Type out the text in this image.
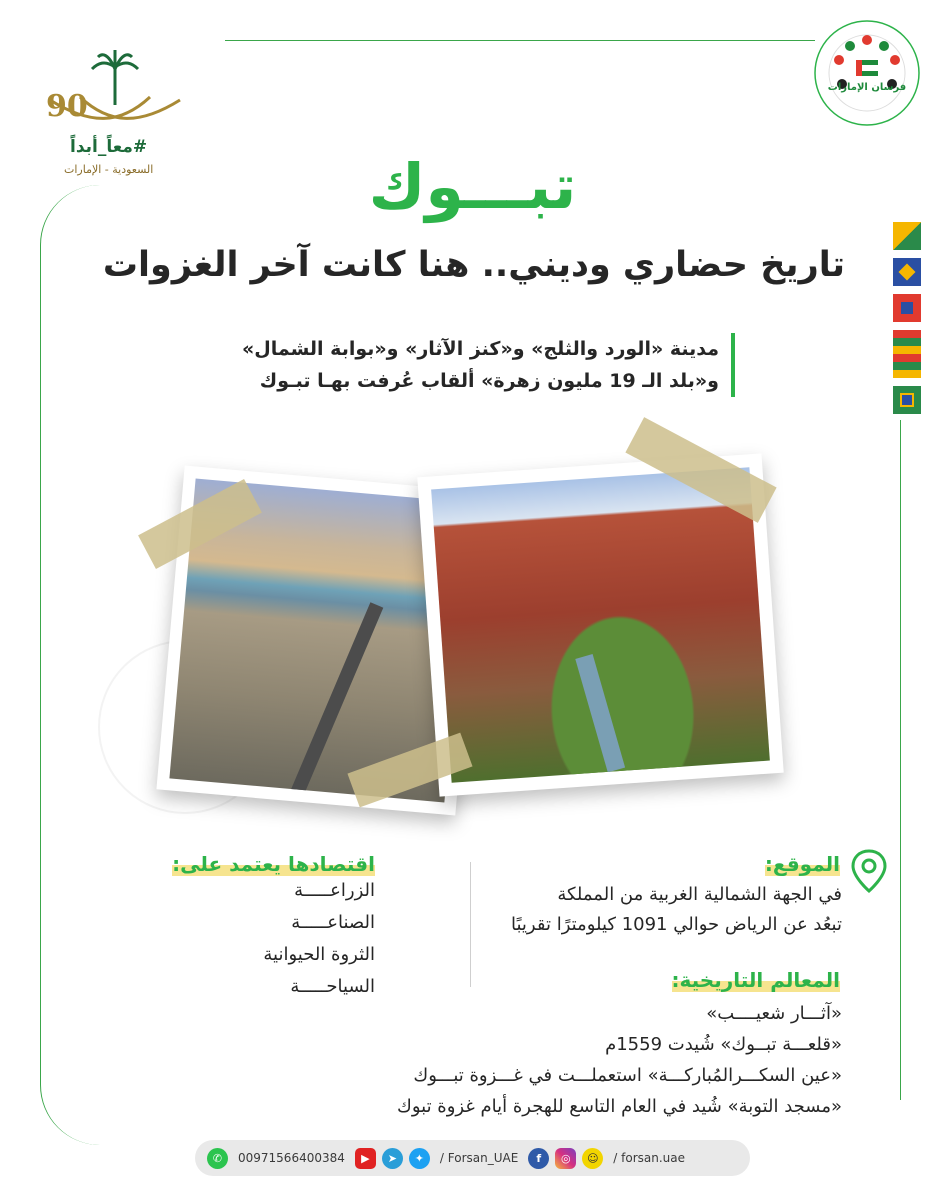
90
#معاً_أبداً
السعودية - الإمارات
فرسان الإمارات
تبـــوك
تاريخ حضاري وديني.. هنا كانت آخر الغزوات
مدينة «الورد والثلج» و«كنز الآثار» و«بوابة الشمال»
و«بلد الـ 19 مليون زهرة» ألقاب عُرفت بهـا تبـوك
الموقع:
في الجهة الشمالية الغربية من المملكة
تبعُد عن الرياض حوالي 1091 كيلومترًا تقريبًا
اقتصادها يعتمد على:
الزراعـــــة
الصناعـــــة
الثروة الحيوانية
السياحـــــة	المعالم التاريخية:
«آثـــار شعيــــب»
«قلعـــة تبــوك» شُيدت 1559م
«عين السكـــرالمُباركـــة» استعملـــت في غـــزوة تبـــوك
«مسجد التوبة» شُيد في العام التاسع للهجرة أيام غزوة تبوك
✆	00971566400384	▶	➤	✦	/ Forsan_UAE	f	◎	☺	/ forsan.uae
